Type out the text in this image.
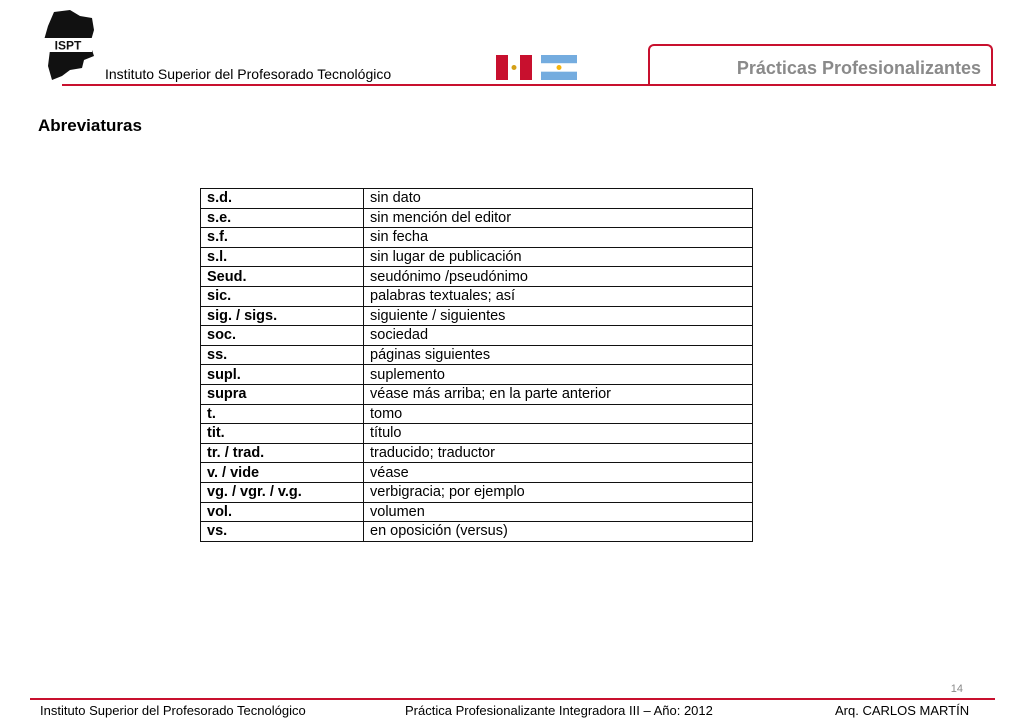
ISPT
Instituto Superior del Profesorado Tecnológico	Prácticas Profesionalizantes
Abreviaturas
s.d.	sin dato
s.e.	sin mención del editor
s.f.	sin fecha
s.l.	sin lugar de publicación
Seud.	seudónimo /pseudónimo
sic.	palabras textuales; así
sig. / sigs.	siguiente / siguientes
soc.	sociedad
ss.	páginas siguientes
supl.	suplemento
supra	véase más arriba; en la parte anterior
t.	tomo
tit.	título
tr. / trad.	traducido; traductor
v. / vide	véase
vg. / vgr. / v.g.	verbigracia; por ejemplo
vol.	volumen
vs.	en oposición (versus)
14
Instituto Superior del Profesorado Tecnológico	Práctica Profesionalizante Integradora III – Año: 2012	Arq. CARLOS MARTÍN
